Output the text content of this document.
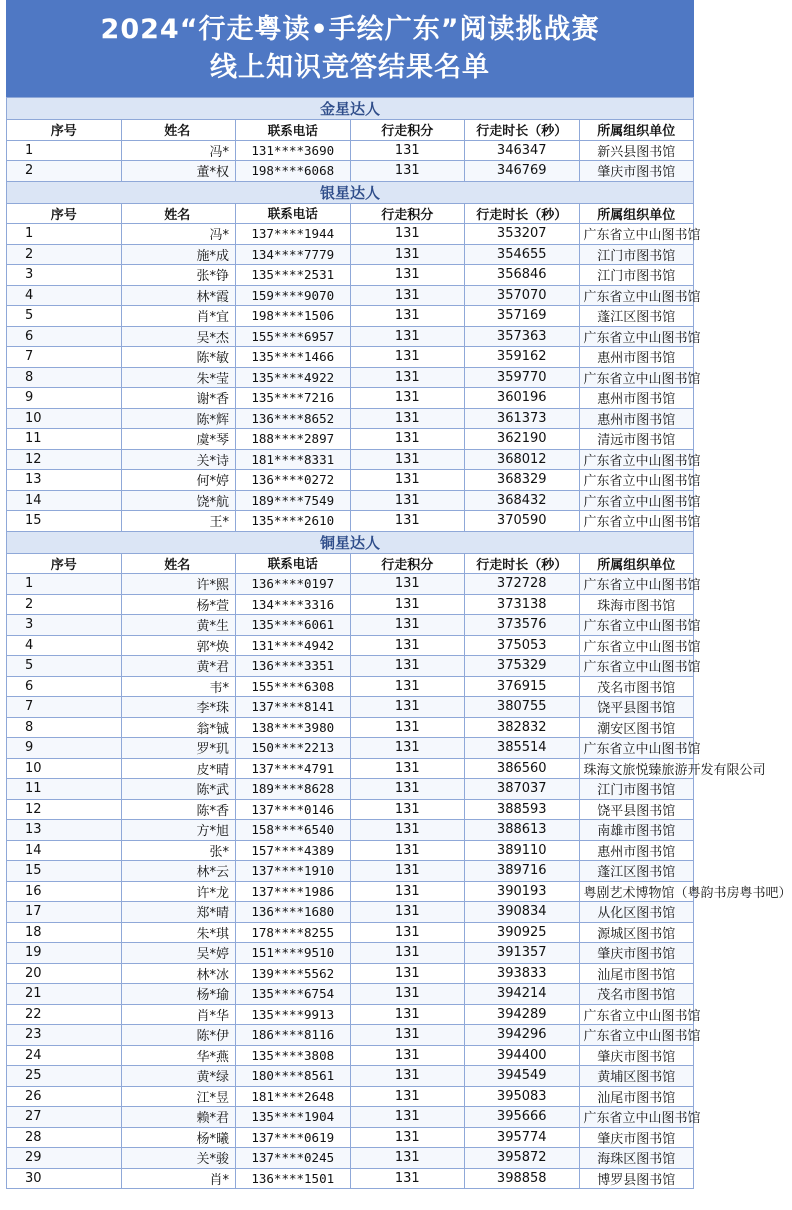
2024“行走粤读•手绘广东”阅读挑战赛
线上知识竞答结果名单
金星达人					
序号	姓名	联系电话	行走积分	行走时长（秒）	所属组织单位
1	冯*	131****3690	131	346347	新兴县图书馆
2	董*权	198****6068	131	346769	肇庆市图书馆
银星达人					
序号	姓名	联系电话	行走积分	行走时长（秒）	所属组织单位
1	冯*	137****1944	131	353207	广东省立中山图书馆
2	施*成	134****7779	131	354655	江门市图书馆
3	张*铮	135****2531	131	356846	江门市图书馆
4	林*霞	159****9070	131	357070	广东省立中山图书馆
5	肖*宜	198****1506	131	357169	蓬江区图书馆
6	吴*杰	155****6957	131	357363	广东省立中山图书馆
7	陈*敏	135****1466	131	359162	惠州市图书馆
8	朱*莹	135****4922	131	359770	广东省立中山图书馆
9	谢*香	135****7216	131	360196	惠州市图书馆
10	陈*辉	136****8652	131	361373	惠州市图书馆
11	虞*琴	188****2897	131	362190	清远市图书馆
12	关*诗	181****8331	131	368012	广东省立中山图书馆
13	何*婷	136****0272	131	368329	广东省立中山图书馆
14	饶*航	189****7549	131	368432	广东省立中山图书馆
15	王*	135****2610	131	370590	广东省立中山图书馆
铜星达人					
序号	姓名	联系电话	行走积分	行走时长（秒）	所属组织单位
1	许*熙	136****0197	131	372728	广东省立中山图书馆
2	杨*萱	134****3316	131	373138	珠海市图书馆
3	黄*生	135****6061	131	373576	广东省立中山图书馆
4	郭*焕	131****4942	131	375053	广东省立中山图书馆
5	黄*君	136****3351	131	375329	广东省立中山图书馆
6	韦*	155****6308	131	376915	茂名市图书馆
7	李*珠	137****8141	131	380755	饶平县图书馆
8	翁*铖	138****3980	131	382832	潮安区图书馆
9	罗*玑	150****2213	131	385514	广东省立中山图书馆
10	皮*晴	137****4791	131	386560	珠海文旅悦臻旅游开发有限公司
11	陈*武	189****8628	131	387037	江门市图书馆
12	陈*香	137****0146	131	388593	饶平县图书馆
13	方*旭	158****6540	131	388613	南雄市图书馆
14	张*	157****4389	131	389110	惠州市图书馆
15	林*云	137****1910	131	389716	蓬江区图书馆
16	许*龙	137****1986	131	390193	粤剧艺术博物馆（粤韵书房粤书吧）
17	郑*晴	136****1680	131	390834	从化区图书馆
18	朱*琪	178****8255	131	390925	源城区图书馆
19	吴*婷	151****9510	131	391357	肇庆市图书馆
20	林*冰	139****5562	131	393833	汕尾市图书馆
21	杨*瑜	135****6754	131	394214	茂名市图书馆
22	肖*华	135****9913	131	394289	广东省立中山图书馆
23	陈*伊	186****8116	131	394296	广东省立中山图书馆
24	华*燕	135****3808	131	394400	肇庆市图书馆
25	黄*绿	180****8561	131	394549	黄埔区图书馆
26	江*昱	181****2648	131	395083	汕尾市图书馆
27	赖*君	135****1904	131	395666	广东省立中山图书馆
28	杨*曦	137****0619	131	395774	肇庆市图书馆
29	关*骏	137****0245	131	395872	海珠区图书馆
30	肖*	136****1501	131	398858	博罗县图书馆
